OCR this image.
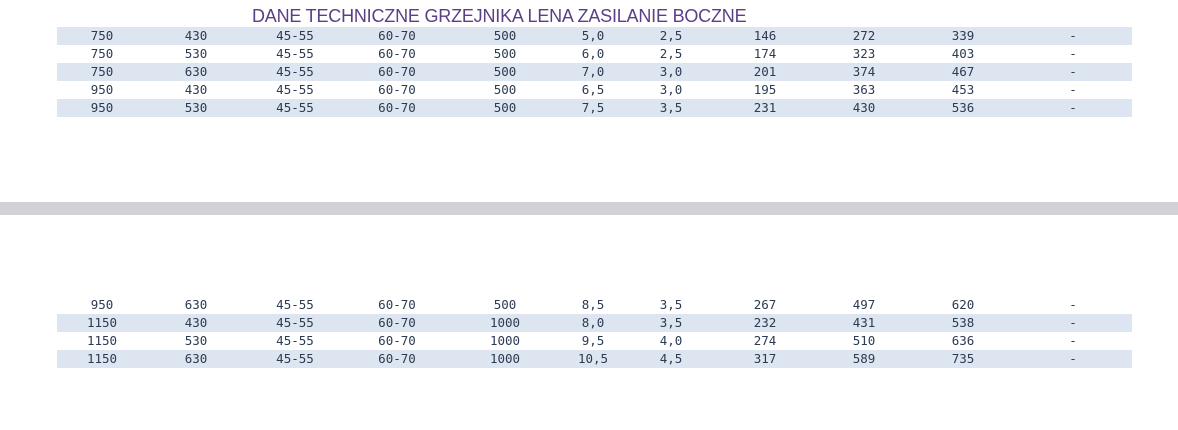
DANE TECHNICZNE GRZEJNIKA LENA ZASILANIE BOCZNE
750	430	45-55	60-70	500	5,0	2,5	146	272	339	-
750	530	45-55	60-70	500	6,0	2,5	174	323	403	-
750	630	45-55	60-70	500	7,0	3,0	201	374	467	-
950	430	45-55	60-70	500	6,5	3,0	195	363	453	-
950	530	45-55	60-70	500	7,5	3,5	231	430	536	-
950	630	45-55	60-70	500	8,5	3,5	267	497	620	-
1150	430	45-55	60-70	1000	8,0	3,5	232	431	538	-
1150	530	45-55	60-70	1000	9,5	4,0	274	510	636	-
1150	630	45-55	60-70	1000	10,5	4,5	317	589	735	-
